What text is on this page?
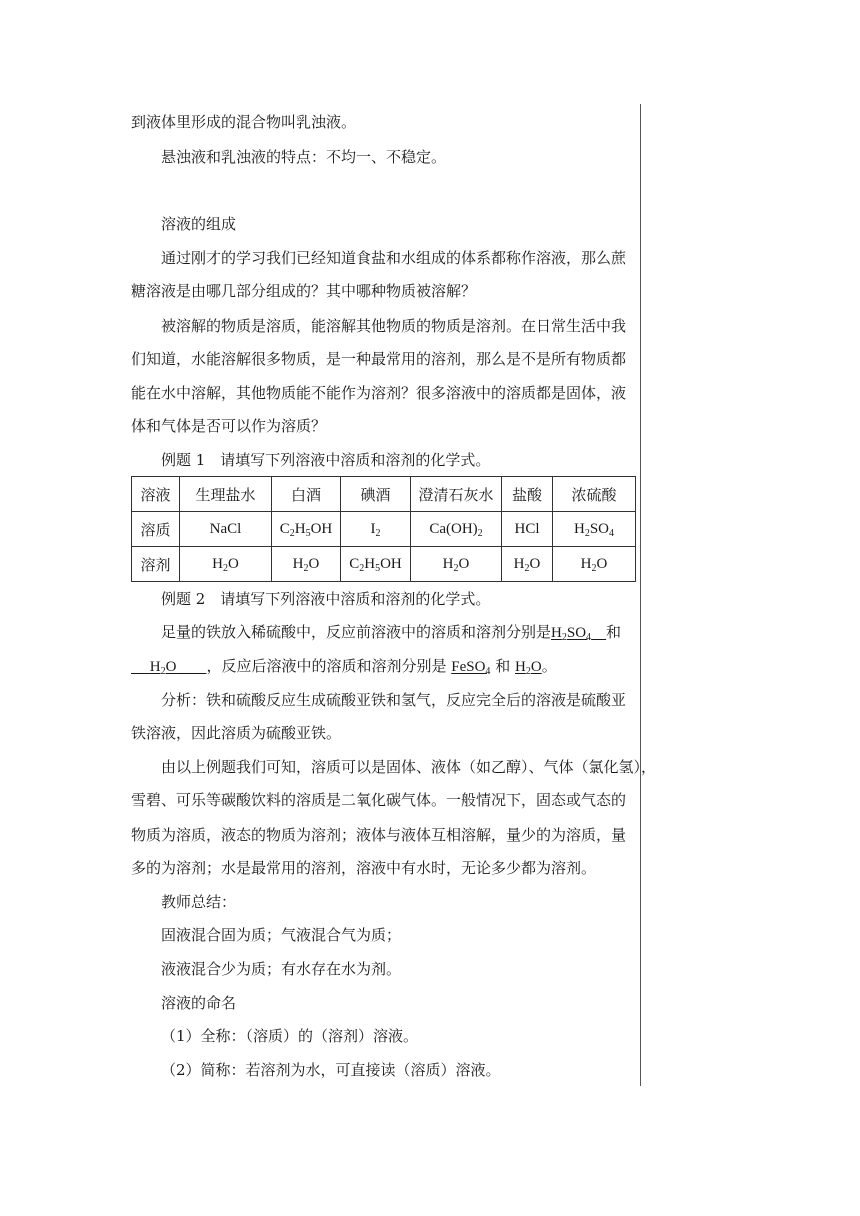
到液体里形成的混合物叫乳浊液。
悬浊液和乳浊液的特点：不均一、不稳定。
溶液的组成
通过刚才的学习我们已经知道食盐和水组成的体系都称作溶液，那么蔗
糖溶液是由哪几部分组成的？其中哪种物质被溶解？
被溶解的物质是溶质，能溶解其他物质的物质是溶剂。在日常生活中我
们知道，水能溶解很多物质，是一种最常用的溶剂，那么是不是所有物质都
能在水中溶解，其他物质能不能作为溶剂？很多溶液中的溶质都是固体，液
体和气体是否可以作为溶质？
例题 1　请填写下列溶液中溶质和溶剂的化学式。
溶液	生理盐水	白酒	碘酒	澄清石灰水	盐酸	浓硫酸
溶质	NaCl	$C_2H_5OH$	$I_2$	$Ca(OH)_2$	HCl	$H_2SO_4$
溶剂	$H_2O$	$H_2O$	$C_2H_5OH$	$H_2O$	$H_2O$	$H_2O$
例题 2　请填写下列溶液中溶质和溶剂的化学式。
足量的铁放入稀硫酸中，反应前溶液中的溶质和溶剂分别是$H_2SO_4$ 和
$H_2O$ ，反应后溶液中的溶质和溶剂分别是 FeSO$_4$ 和 $H_2O$。
分析：铁和硫酸反应生成硫酸亚铁和氢气，反应完全后的溶液是硫酸亚
铁溶液，因此溶质为硫酸亚铁。
由以上例题我们可知，溶质可以是固体、液体（如乙醇）、气体（氯化氢），
雪碧、可乐等碳酸饮料的溶质是二氧化碳气体。一般情况下，固态或气态的
物质为溶质，液态的物质为溶剂；液体与液体互相溶解，量少的为溶质，量
多的为溶剂；水是最常用的溶剂，溶液中有水时，无论多少都为溶剂。
教师总结：
固液混合固为质；气液混合气为质；
液液混合少为质；有水存在水为剂。
溶液的命名
（1）全称：（溶质）的（溶剂）溶液。
（2）简称：若溶剂为水，可直接读（溶质）溶液。
